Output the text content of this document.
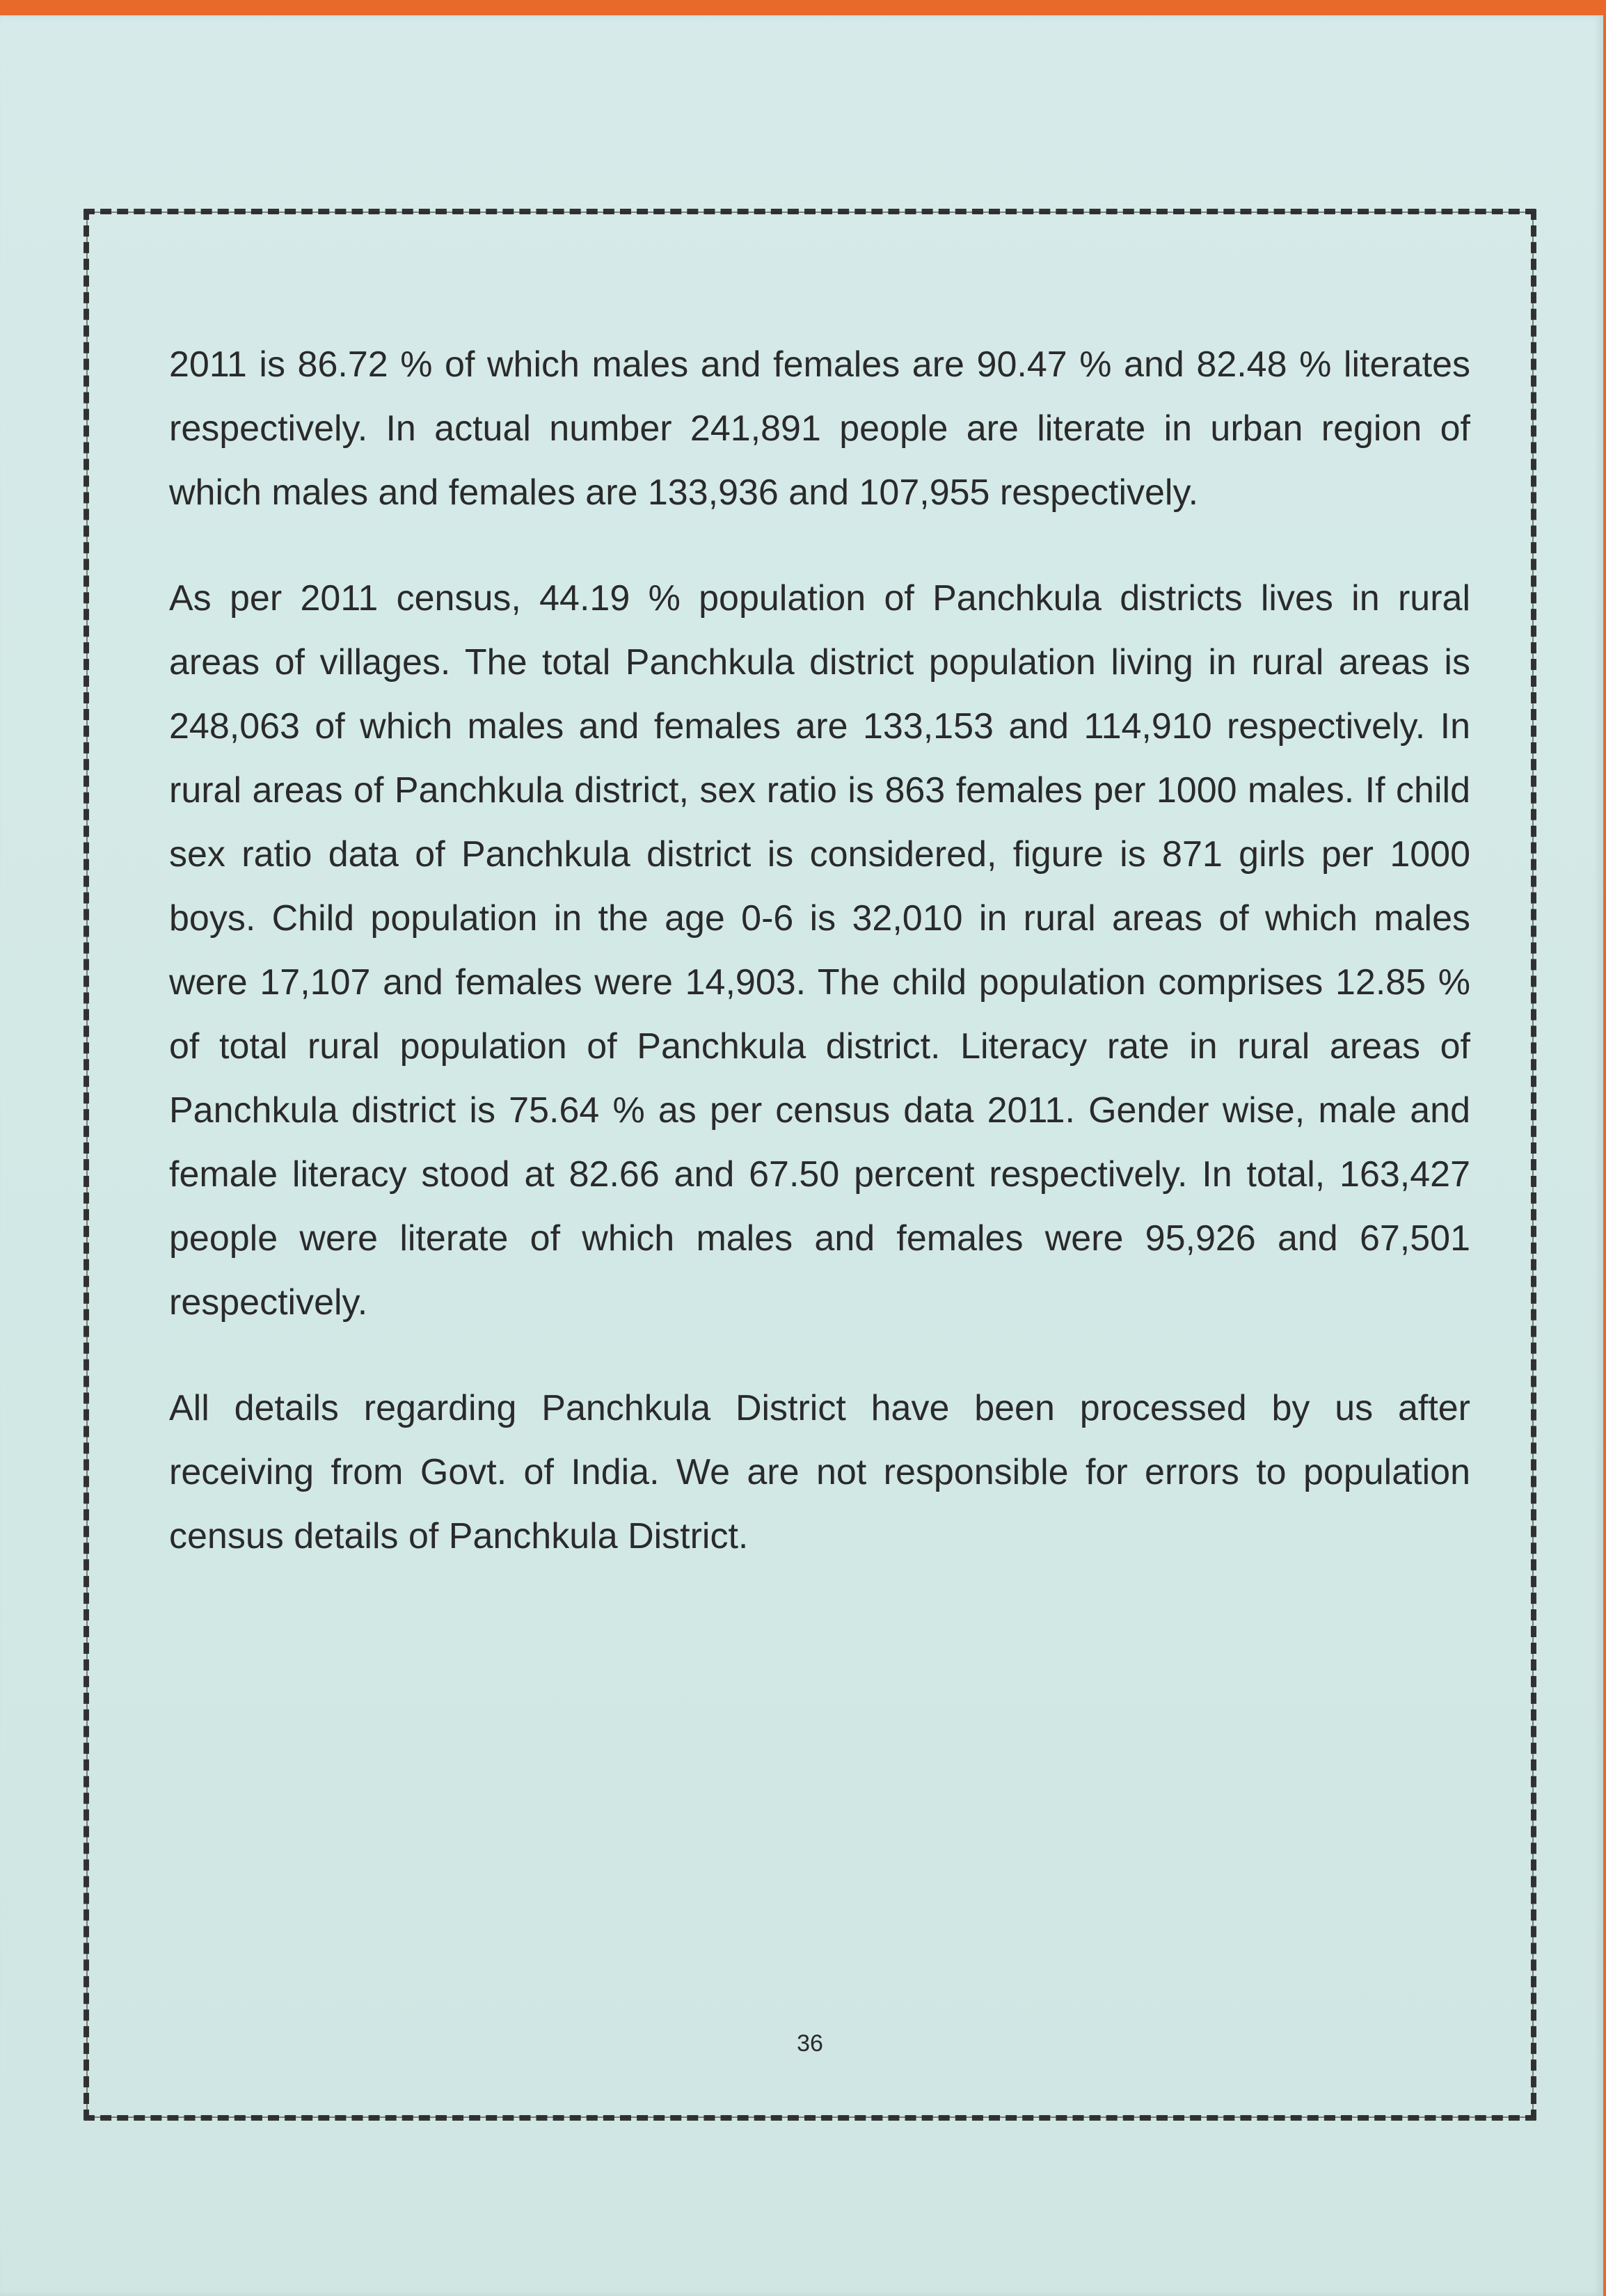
2011 is 86.72 % of which males and females are 90.47 % and 82.48 % literates respectively. In actual number 241,891 people are literate in urban region of which males and females are 133,936 and 107,955 respectively.

As per 2011 census, 44.19 % population of Panchkula districts lives in rural areas of villages. The total Panchkula district population living in rural areas is 248,063 of which males and females are 133,153 and 114,910 respectively. In rural areas of Panchkula district, sex ratio is 863 females per 1000 males. If child sex ratio data of Panchkula district is considered, figure is 871 girls per 1000 boys. Child population in the age 0-6 is 32,010 in rural areas of which males were 17,107 and females were 14,903. The child population comprises 12.85 % of total rural population of Panchkula district. Literacy rate in rural areas of Panchkula district is 75.64 % as per census data 2011. Gender wise, male and female literacy stood at 82.66 and 67.50 percent respectively. In total, 163,427 people were literate of which males and females were 95,926 and 67,501 respectively.

All details regarding Panchkula District have been processed by us after receiving from Govt. of India. We are not responsible for errors to population census details of Panchkula District.

36
